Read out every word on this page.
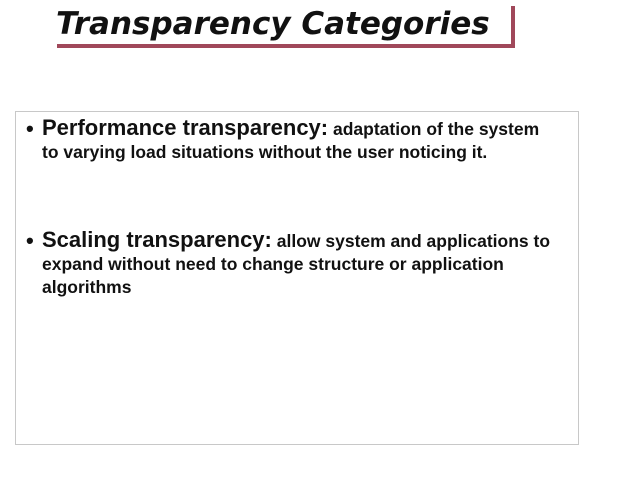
Transparency Categories
• Performance transparency: adaptation of the system to varying load situations without the user noticing it.
• Scaling transparency: allow system and applications to expand without need to change structure or application algorithms
